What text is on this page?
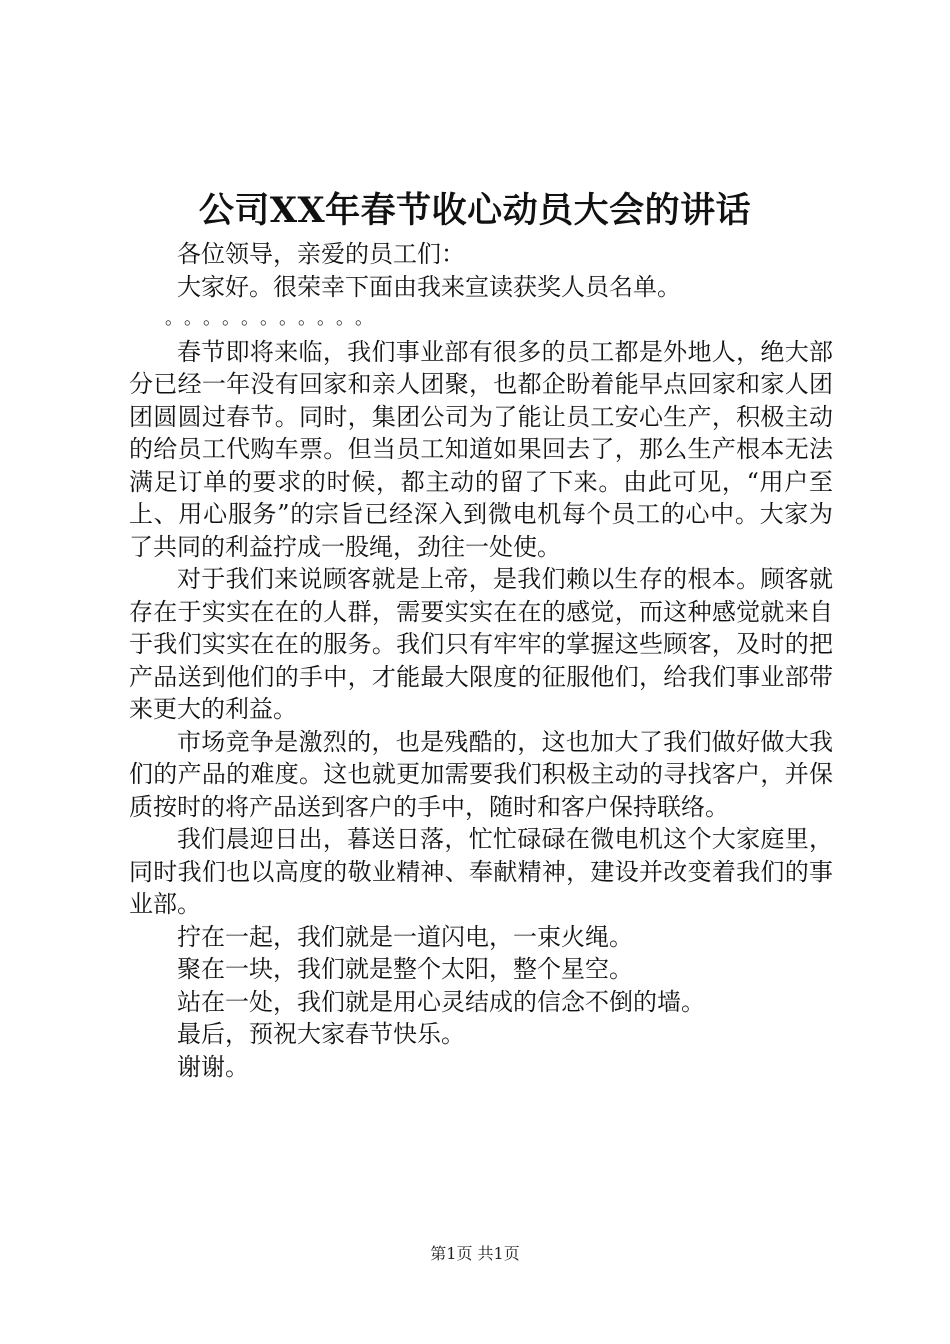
公司XX年春节收心动员大会的讲话

各位领导，亲爱的员工们：

大家好。很荣幸下面由我来宣读获奖人员名单。

。。。。。。。。。。。

春节即将来临，我们事业部有很多的员工都是外地人，绝大部分已经一年没有回家和亲人团聚，也都企盼着能早点回家和家人团团圆圆过春节。同时，集团公司为了能让员工安心生产，积极主动的给员工代购车票。但当员工知道如果回去了，那么生产根本无法满足订单的要求的时候，都主动的留了下来。由此可见，“用户至上、用心服务”的宗旨已经深入到微电机每个员工的心中。大家为了共同的利益拧成一股绳，劲往一处使。

对于我们来说顾客就是上帝，是我们赖以生存的根本。顾客就存在于实实在在的人群，需要实实在在的感觉，而这种感觉就来自于我们实实在在的服务。我们只有牢牢的掌握这些顾客，及时的把产品送到他们的手中，才能最大限度的征服他们，给我们事业部带来更大的利益。

市场竞争是激烈的，也是残酷的，这也加大了我们做好做大我们的产品的难度。这也就更加需要我们积极主动的寻找客户，并保质按时的将产品送到客户的手中，随时和客户保持联络。

我们晨迎日出，暮送日落，忙忙碌碌在微电机这个大家庭里，同时我们也以高度的敬业精神、奉献精神，建设并改变着我们的事业部。

拧在一起，我们就是一道闪电，一束火绳。

聚在一块，我们就是整个太阳，整个星空。

站在一处，我们就是用心灵结成的信念不倒的墙。

最后，预祝大家春节快乐。

谢谢。

第1页 共1页
